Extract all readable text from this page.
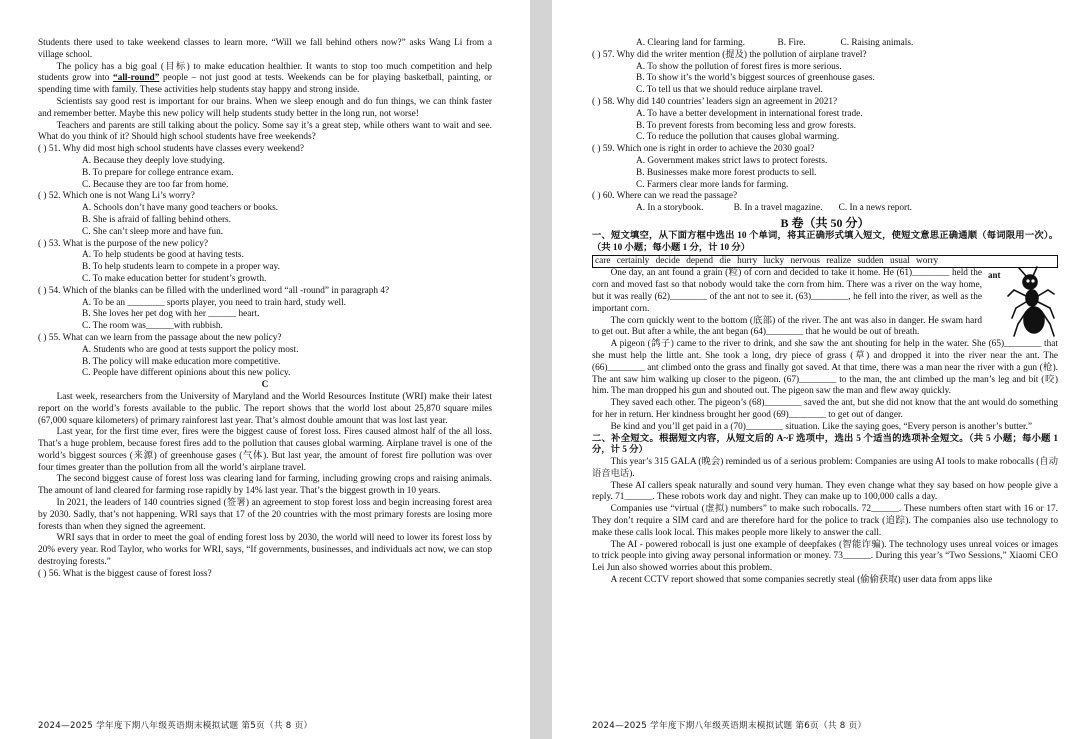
Students there used to take weekend classes to learn more. “Will we fall behind others now?” asks Wang Li from a village school.

The policy has a big goal (目标) to make education healthier. It wants to stop too much competition and help students grow into “all-round” people – not just good at tests. Weekends can be for playing basketball, painting, or spending time with family. These activities help students stay happy and strong inside.

Scientists say good rest is important for our brains. When we sleep enough and do fun things, we can think faster and remember better. Maybe this new policy will help students study better in the long run, not worse!

Teachers and parents are still talking about the policy. Some say it’s a great step, while others want to wait and see. What do you think of it? Should high school students have free weekends?

( ) 51. Why did most high school students have classes every weekend?

A. Because they deeply love studying.

B. To prepare for college entrance exam.

C. Because they are too far from home.

( ) 52. Which one is not Wang Li’s worry?

A. Schools don’t have many good teachers or books.

B. She is afraid of falling behind others.

C. She can’t sleep more and have fun.

( ) 53. What is the purpose of the new policy?

A. To help students be good at having tests.

B. To help students learn to compete in a proper way.

C. To make education better for student’s growth.

( ) 54. Which of the blanks can be filled with the underlined word “all -round” in paragraph 4?

A. To be an ________ sports player, you need to train hard, study well.

B. She loves her pet dog with her ______ heart.

C. The room was______with rubbish.

( ) 55. What can we learn from the passage about the new policy?

A. Students who are good at tests support the policy most.

B. The policy will make education more competitive.

C. People have different opinions about this new policy.

C

Last week, researchers from the University of Maryland and the World Resources Institute (WRI) make their latest report on the world’s forests available to the public. The report shows that the world lost about 25,870 square miles (67,000 square kilometers) of primary rainforest last year. That’s almost double amount that was lost last year.

Last year, for the first time ever, fires were the biggest cause of forest loss. Fires caused almost half of the all loss. That’s a huge problem, because forest fires add to the pollution that causes global warming. Airplane travel is one of the world’s biggest sources (来源) of greenhouse gases (气体). But last year, the amount of forest fire pollution was over four times greater than the pollution from all the world’s airplane travel.

The second biggest cause of forest loss was clearing land for farming, including growing crops and raising animals. The amount of land cleared for farming rose rapidly by 14% last year. That’s the biggest growth in 10 years.

In 2021, the leaders of 140 countries signed (签署) an agreement to stop forest loss and begin increasing forest area by 2030. Sadly, that’s not happening. WRI says that 17 of the 20 countries with the most primary forests are losing more forests than when they signed the agreement.

WRI says that in order to meet the goal of ending forest loss by 2030, the world will need to lower its forest loss by 20% every year. Rod Taylor, who works for WRI, says, “If governments, businesses, and individuals act now, we can stop destroying forests.”

( ) 56. What is the biggest cause of forest loss?

2024—2025 学年度下期八年级英语期末模拟试题 第5页（共 8 页）

A. Clearing land for farming.              B. Fire.               C. Raising animals.

( ) 57. Why did the writer mention (提及) the pollution of airplane travel?

A. To show the pollution of forest fires is more serious.

B. To show it’s the world’s biggest sources of greenhouse gases.

C. To tell us that we should reduce airplane travel.

( ) 58. Why did 140 countries’ leaders sign an agreement in 2021?

A. To have a better development in international forest trade.

B. To prevent forests from becoming less and grow forests.

C. To reduce the pollution that causes global warming.

( ) 59. Which one is right in order to achieve the 2030 goal?

A. Government makes strict laws to protect forests.

B. Businesses make more forest products to sell.

C. Farmers clear more lands for farming.

( ) 60. Where can we read the passage?

A. In a storybook.             B. In a travel magazine.       C. In a news report.

B 卷（共 50 分）

一、短文填空，从下面方框中选出 10 个单词，将其正确形式填入短文，使短文意思正确通顺（每词限用一次）。（共 10 小题；每小题 1 分，计 10 分）

care certainly decide depend die hurry lucky nervous realize sudden usual worry

ant

One day, an ant found a grain (粒) of corn and decided to take it home. He (61)________ held the corn and moved fast so that nobody would take the corn from him. There was a river on the way home, but it was really (62)________ of the ant not to see it. (63)________, he fell into the river, as well as the important corn.

The corn quickly went to the bottom (底部) of the river. The ant was also in danger. He swam hard to get out. But after a while, the ant began (64)________ that he would be out of breath.

A pigeon (鸽子) came to the river to drink, and she saw the ant shouting for help in the water. She (65)________ that she must help the little ant. She took a long, dry piece of grass (草) and dropped it into the river near the ant. The (66)________ ant climbed onto the grass and finally got saved. At that time, there was a man near the river with a gun (枪). The ant saw him walking up closer to the pigeon. (67)________ to the man, the ant climbed up the man’s leg and bit (咬) him. The man dropped his gun and shouted out. The pigeon saw the man and flew away quickly.

They saved each other. The pigeon’s (68)________ saved the ant, but she did not know that the ant would do something for her in return. Her kindness brought her good (69)________ to get out of danger.

Be kind and you’ll get paid in a (70)________ situation. Like the saying goes, “Every person is another’s butter.”

二、补全短文。根据短文内容，从短文后的 A~F 选项中，选出 5 个适当的选项补全短文。（共 5 小题；每小题 1 分，计 5 分）

This year’s 315 GALA (晚会) reminded us of a serious problem: Companies are using AI tools to make robocalls (自动语音电话).

These AI callers speak naturally and sound very human. They even change what they say based on how people give a reply. 71______. These robots work day and night. They can make up to 100,000 calls a day.

Companies use “virtual (虚拟) numbers” to make such robocalls. 72______. These numbers often start with 16 or 17. They don’t require a SIM card and are therefore hard for the police to track (追踪). The companies also use technology to make these calls look local. This makes people more likely to answer the call.

The AI - powered robocall is just one example of deepfakes (智能诈骗). The technology uses unreal voices or images to trick people into giving away personal information or money. 73______. During this year’s “Two Sessions,” Xiaomi CEO Lei Jun also showed worries about this problem.

A recent CCTV report showed that some companies secretly steal (偷偷获取) user data from apps like

2024—2025 学年度下期八年级英语期末模拟试题 第6页（共 8 页）
